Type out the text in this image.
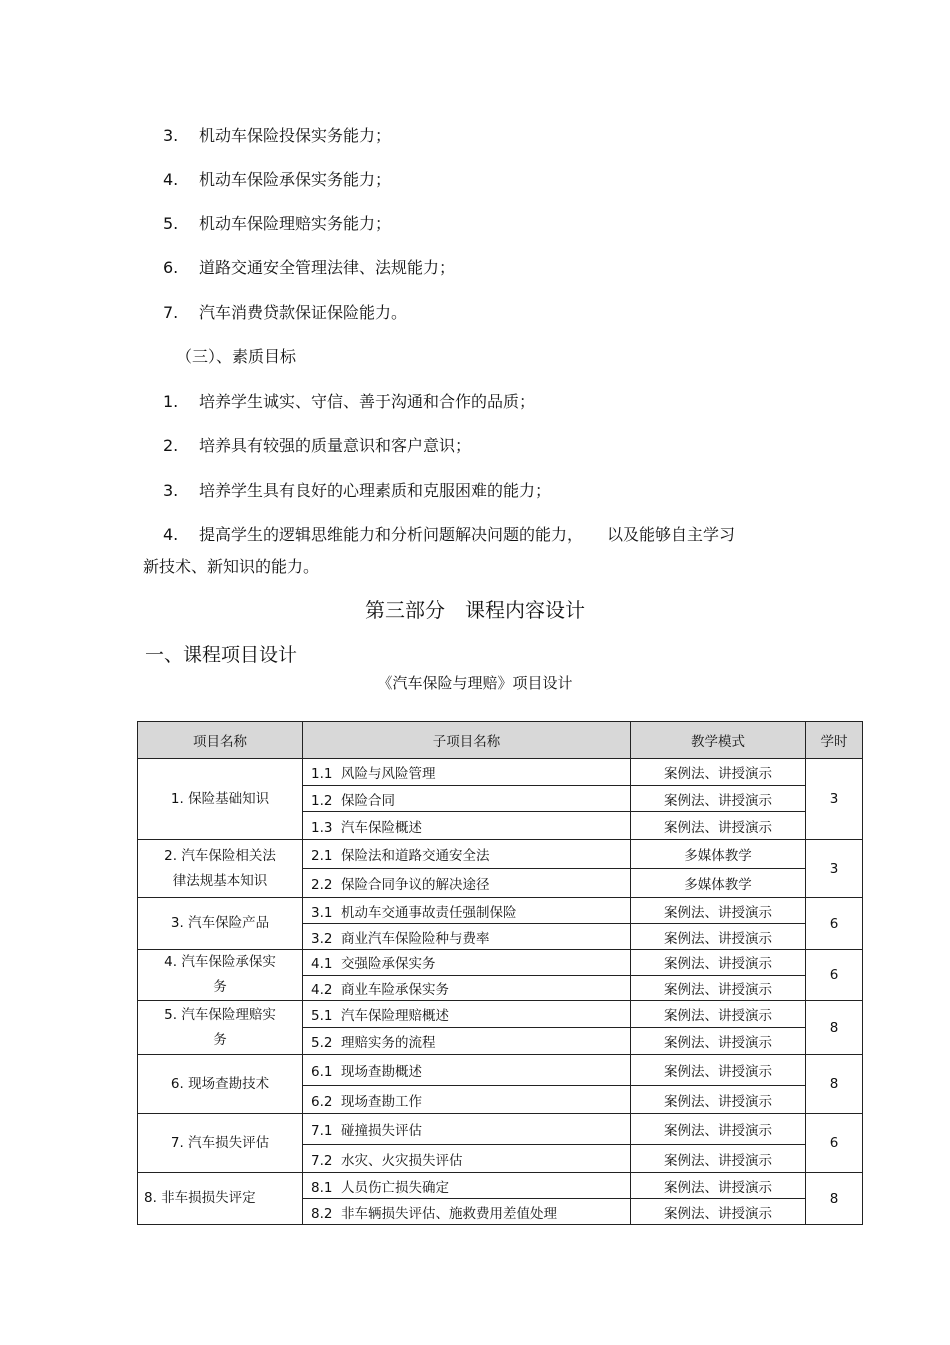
3. 机动车保险投保实务能力；
4. 机动车保险承保实务能力；
5. 机动车保险理赔实务能力；
6. 道路交通安全管理法律、法规能力；
7. 汽车消费贷款保证保险能力。
（三）、素质目标
1. 培养学生诚实、守信、善于沟通和合作的品质；
2. 培养具有较强的质量意识和客户意识；
3. 培养学生具有良好的心理素质和克服困难的能力；
4. 提高学生的逻辑思维能力和分析问题解决问题的能力，　　以及能够自主学习
新技术、新知识的能力。
第三部分　课程内容设计
一、课程项目设计
《汽车保险与理赔》项目设计
项目名称	子项目名称	教学模式	学时
1. 保险基础知识	1.1 风险与风险管理	案例法、讲授演示	3
	1.2 保险合同	案例法、讲授演示	
	1.3 汽车保险概述	案例法、讲授演示	
2. 汽车保险相关法
律法规基本知识	2.1 保险法和道路交通安全法	多媒体教学	3
	2.2 保险合同争议的解决途径	多媒体教学	
3. 汽车保险产品	3.1 机动车交通事故责任强制保险	案例法、讲授演示	6
	3.2 商业汽车保险险种与费率	案例法、讲授演示	
4. 汽车保险承保实
务	4.1 交强险承保实务	案例法、讲授演示	6
	4.2 商业车险承保实务	案例法、讲授演示	
5. 汽车保险理赔实
务	5.1 汽车保险理赔概述	案例法、讲授演示	8
	5.2 理赔实务的流程	案例法、讲授演示	
6. 现场查勘技术	6.1 现场查勘概述	案例法、讲授演示	8
	6.2 现场查勘工作	案例法、讲授演示	
7. 汽车损失评估	7.1 碰撞损失评估	案例法、讲授演示	6
	7.2 水灾、火灾损失评估	案例法、讲授演示	
8. 非车损损失评定	8.1 人员伤亡损失确定	案例法、讲授演示	8
	8.2 非车辆损失评估、施救费用差值处理	案例法、讲授演示	
